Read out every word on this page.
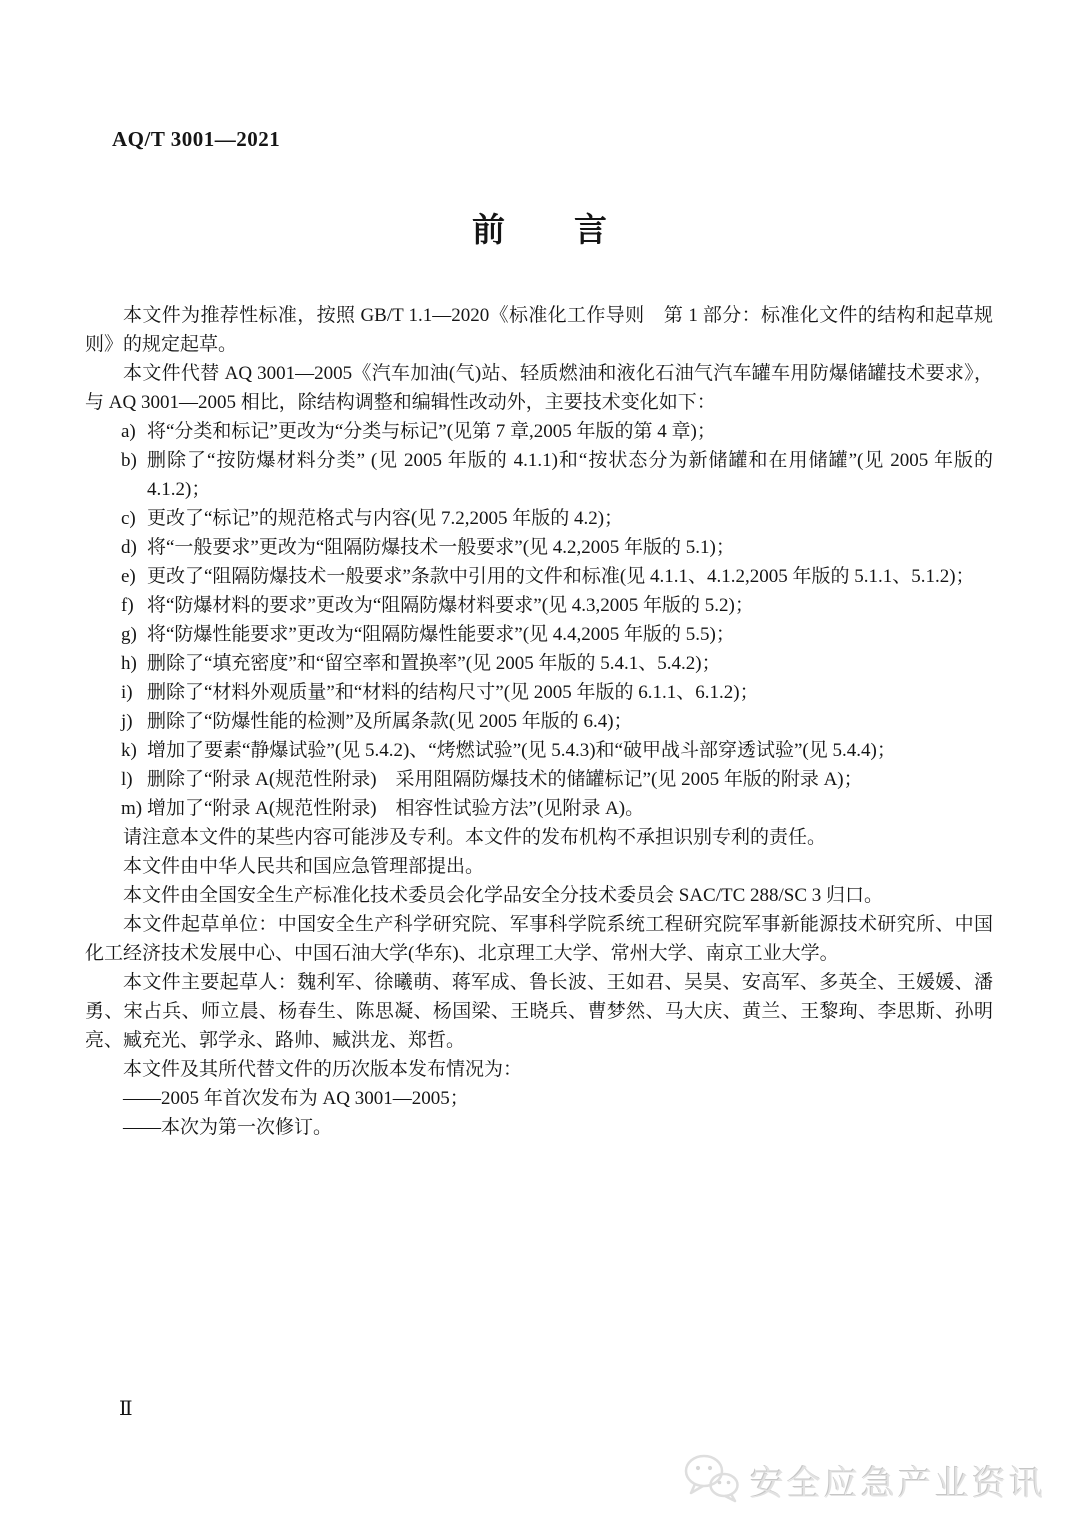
AQ/T 3001—2021
前　　言

本文件为推荐性标准，按照 GB/T 1.1—2020《标准化工作导则　第 1 部分：标准化文件的结构和起草规则》的规定起草。

本文件代替 AQ 3001—2005《汽车加油(气)站、轻质燃油和液化石油气汽车罐车用防爆储罐技术要求》，与 AQ 3001—2005 相比，除结构调整和编辑性改动外，主要技术变化如下：

a) 将“分类和标记”更改为“分类与标记”(见第 7 章,2005 年版的第 4 章)；
b) 删除了“按防爆材料分类” (见 2005 年版的 4.1.1)和“按状态分为新储罐和在用储罐”(见 2005 年版的 4.1.2)；
c) 更改了“标记”的规范格式与内容(见 7.2,2005 年版的 4.2)；
d) 将“一般要求”更改为“阻隔防爆技术一般要求”(见 4.2,2005 年版的 5.1)；
e) 更改了“阻隔防爆技术一般要求”条款中引用的文件和标准(见 4.1.1、4.1.2,2005 年版的 5.1.1、5.1.2)；
f) 将“防爆材料的要求”更改为“阻隔防爆材料要求”(见 4.3,2005 年版的 5.2)；
g) 将“防爆性能要求”更改为“阻隔防爆性能要求”(见 4.4,2005 年版的 5.5)；
h) 删除了“填充密度”和“留空率和置换率”(见 2005 年版的 5.4.1、5.4.2)；
i) 删除了“材料外观质量”和“材料的结构尺寸”(见 2005 年版的 6.1.1、6.1.2)；
j) 删除了“防爆性能的检测”及所属条款(见 2005 年版的 6.4)；
k) 增加了要素“静爆试验”(见 5.4.2)、“烤燃试验”(见 5.4.3)和“破甲战斗部穿透试验”(见 5.4.4)；
l) 删除了“附录 A(规范性附录)　采用阻隔防爆技术的储罐标记”(见 2005 年版的附录 A)；
m) 增加了“附录 A(规范性附录)　相容性试验方法”(见附录 A)。

请注意本文件的某些内容可能涉及专利。本文件的发布机构不承担识别专利的责任。

本文件由中华人民共和国应急管理部提出。

本文件由全国安全生产标准化技术委员会化学品安全分技术委员会 SAC/TC 288/SC 3 归口。

本文件起草单位：中国安全生产科学研究院、军事科学院系统工程研究院军事新能源技术研究所、中国化工经济技术发展中心、中国石油大学(华东)、北京理工大学、常州大学、南京工业大学。

本文件主要起草人：魏利军、徐曦萌、蒋军成、鲁长波、王如君、吴昊、安高军、多英全、王媛媛、潘勇、宋占兵、师立晨、杨春生、陈思凝、杨国梁、王晓兵、曹梦然、马大庆、黄兰、王黎珣、李思斯、孙明亮、臧充光、郭学永、路帅、臧洪龙、郑哲。

本文件及其所代替文件的历次版本发布情况为：

——2005 年首次发布为 AQ 3001—2005；

——本次为第一次修订。

Ⅱ
安全应急产业资讯
